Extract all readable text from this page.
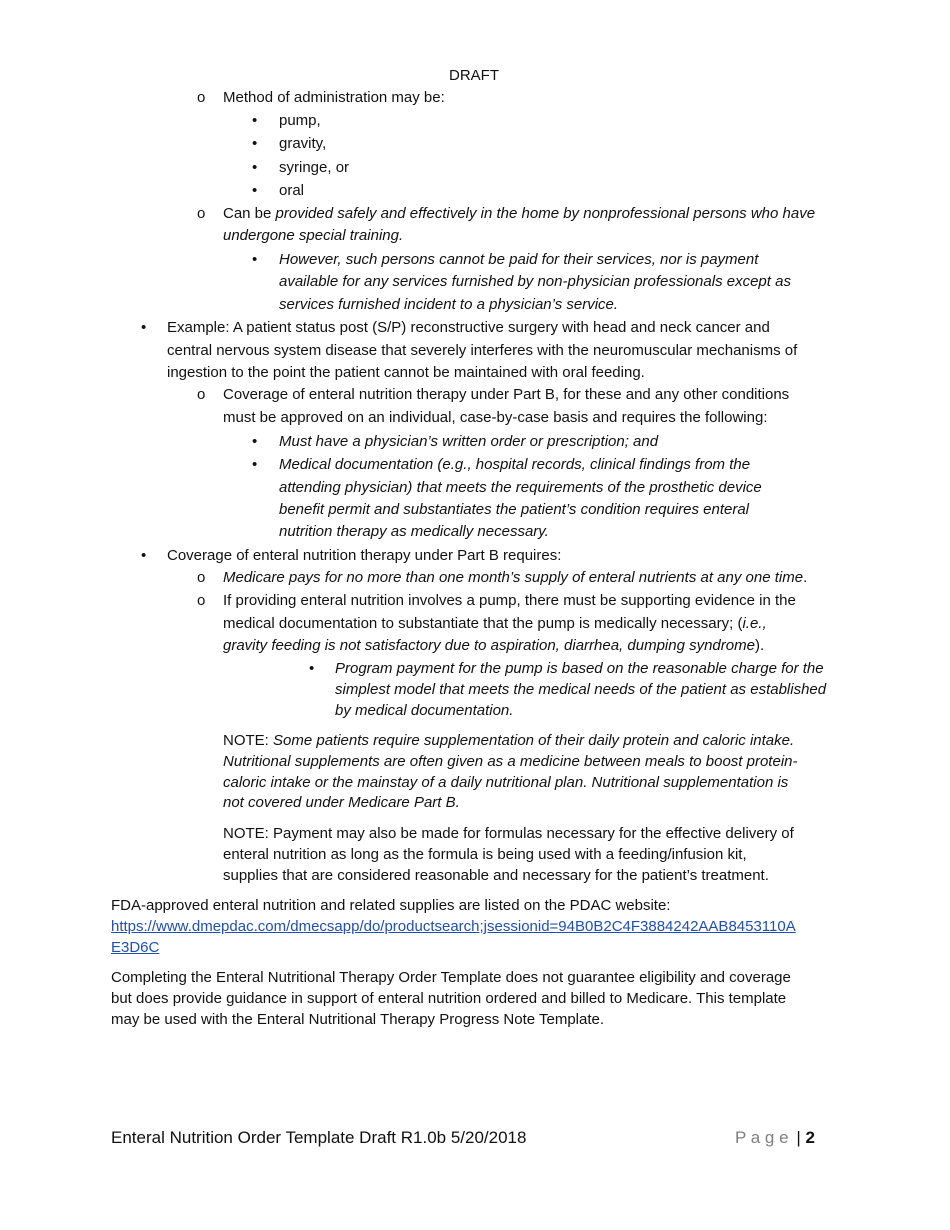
DRAFT
o Method of administration may be:
• pump,
• gravity,
• syringe, or
• oral
o Can be provided safely and effectively in the home by nonprofessional persons who have
undergone special training.
• However, such persons cannot be paid for their services, nor is payment
available for any services furnished by non-physician professionals except as
services furnished incident to a physician’s service.
• Example: A patient status post (S/P) reconstructive surgery with head and neck cancer and
central nervous system disease that severely interferes with the neuromuscular mechanisms of
ingestion to the point the patient cannot be maintained with oral feeding.
o Coverage of enteral nutrition therapy under Part B, for these and any other conditions
must be approved on an individual, case-by-case basis and requires the following:
• Must have a physician’s written order or prescription; and
• Medical documentation (e.g., hospital records, clinical findings from the
attending physician) that meets the requirements of the prosthetic device
benefit permit and substantiates the patient’s condition requires enteral
nutrition therapy as medically necessary.
• Coverage of enteral nutrition therapy under Part B requires:
o Medicare pays for no more than one month’s supply of enteral nutrients at any one time.
o If providing enteral nutrition involves a pump, there must be supporting evidence in the
medical documentation to substantiate that the pump is medically necessary; (i.e.,
gravity feeding is not satisfactory due to aspiration, diarrhea, dumping syndrome).
• Program payment for the pump is based on the reasonable charge for the
simplest model that meets the medical needs of the patient as established
by medical documentation.
NOTE: Some patients require supplementation of their daily protein and caloric intake.
Nutritional supplements are often given as a medicine between meals to boost protein-
caloric intake or the mainstay of a daily nutritional plan. Nutritional supplementation is
not covered under Medicare Part B.
NOTE: Payment may also be made for formulas necessary for the effective delivery of
enteral nutrition as long as the formula is being used with a feeding/infusion kit,
supplies that are considered reasonable and necessary for the patient’s treatment.
FDA-approved enteral nutrition and related supplies are listed on the PDAC website:
https://www.dmepdac.com/dmecsapp/do/productsearch;jsessionid=94B0B2C4F3884242AAB8453110A
E3D6C
Completing the Enteral Nutritional Therapy Order Template does not guarantee eligibility and coverage
but does provide guidance in support of enteral nutrition ordered and billed to Medicare. This template
may be used with the Enteral Nutritional Therapy Progress Note Template.
Enteral Nutrition Order Template Draft R1.0b 5/20/2018	P a g e | 2
